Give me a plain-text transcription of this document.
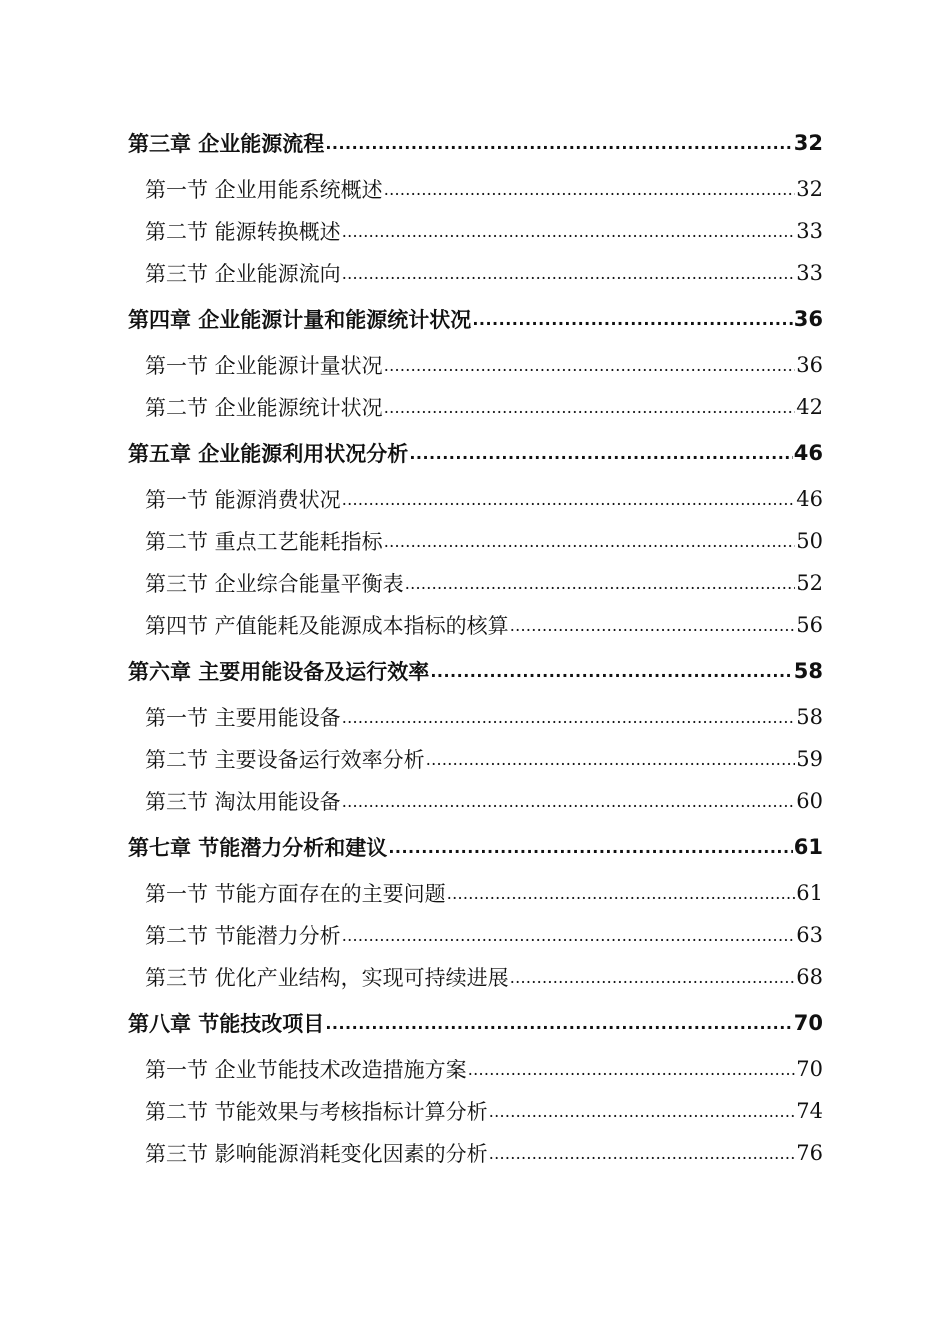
第三章 企业能源流程 .....	32
第一节 企业用能系统概述 .....	32
第二节 能源转换概述 .....	33
第三节 企业能源流向 .....	33
第四章 企业能源计量和能源统计状况 .....	36
第一节 企业能源计量状况 .....	36
第二节 企业能源统计状况 .....	42
第五章 企业能源利用状况分析 .....	46
第一节 能源消费状况 .....	46
第二节 重点工艺能耗指标 .....	50
第三节 企业综合能量平衡表 .....	52
第四节 产值能耗及能源成本指标的核算 .....	56
第六章 主要用能设备及运行效率 .....	58
第一节 主要用能设备 .....	58
第二节 主要设备运行效率分析 .....	59
第三节 淘汰用能设备 .....	60
第七章 节能潜力分析和建议 .....	61
第一节 节能方面存在的主要问题 .....	61
第二节 节能潜力分析 .....	63
第三节 优化产业结构，实现可持续进展 .....	68
第八章 节能技改项目 .....	70
第一节 企业节能技术改造措施方案 .....	70
第二节 节能效果与考核指标计算分析 .....	74
第三节 影响能源消耗变化因素的分析 .....	76
